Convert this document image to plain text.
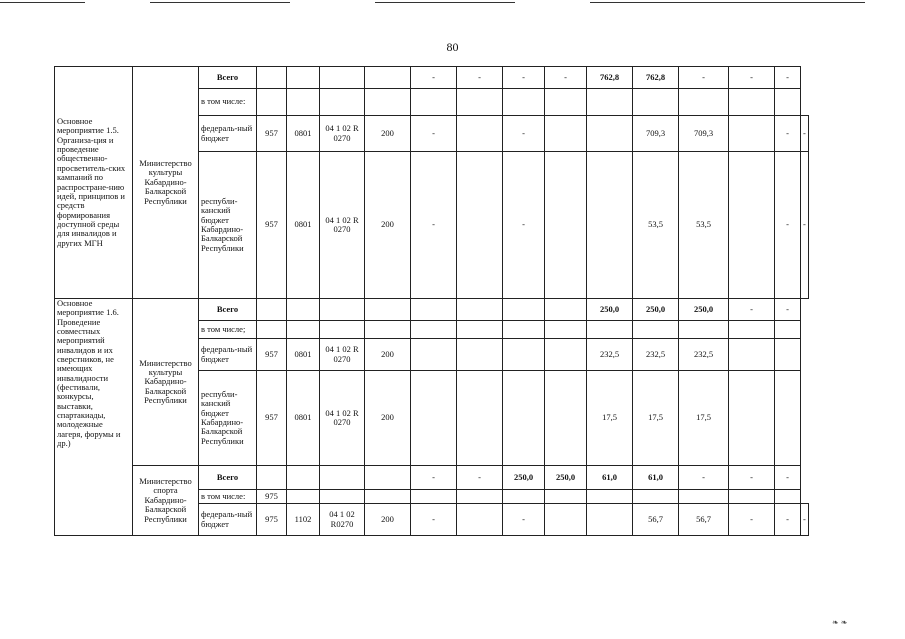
80
Основное мероприятие 1.5. Организа-ция и проведение общественно-просветитель-ских кампаний по распростране-нию идей, принципов и средств формирования доступной среды для инвалидов и других МГН	Министерство культуры Кабардино-Балкарской Республики	Всего					-	-	-	-	762,8	762,8	-	-	-	
		в том числе:														
		федераль-ный бюджет	957	0801	04 1 02 R 0270	200	-		-			709,3	709,3		-	-
		республи-канский бюджет Кабардино-Балкарской Республики	957	0801	04 1 02 R 0270	200	-		-			53,5	53,5		-	-
Основное мероприятие 1.6. Проведение совместных мероприятий инвалидов и их сверстников, не имеющих инвалидности (фестивали, конкурсы, выставки, спартакиады, молодежные лагеря, форумы и др.)	Министерство культуры Кабардино-Балкарской Республики	Всего									250,0	250,0	250,0	-	-	
		в том числе;														
		федераль-ный бюджет	957	0801	04 1 02 R 0270	200					232,5	232,5	232,5			
		республи-канский бюджет Кабардино-Балкарской Республики	957	0801	04 1 02 R 0270	200					17,5	17,5	17,5			
	Министерство спорта Кабардино-Балкарской Республики	Всего					-	-	250,0	250,0	61,0	61,0	-	-	-	
		в том числе:	975													
		федераль-ный бюджет	975	1102	04 1 02 R0270	200	-		-			56,7	56,7	-	-	-
❧ ❧
